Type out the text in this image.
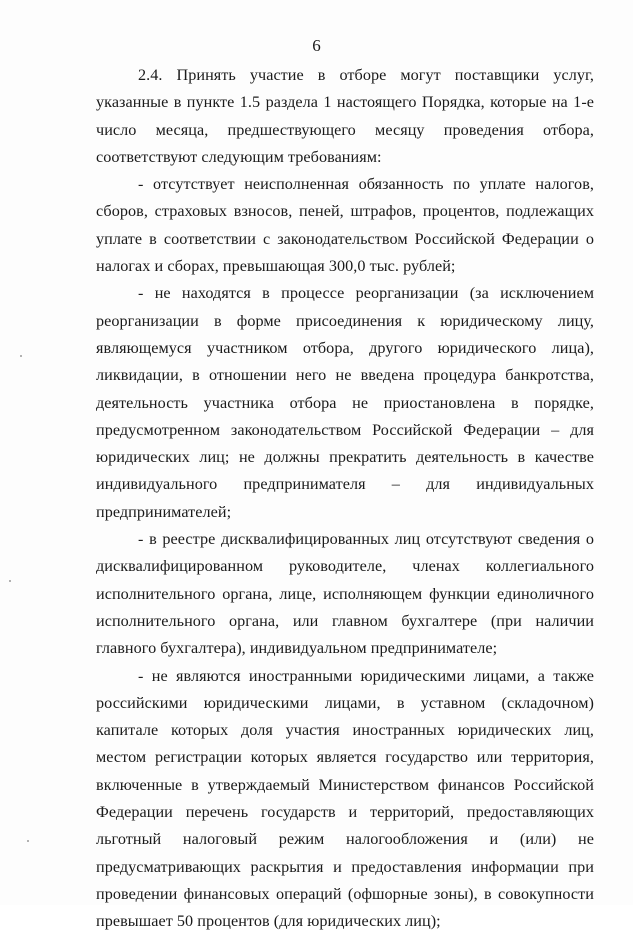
6

2.4. Принять участие в отборе могут поставщики услуг, указанные в пункте 1.5 раздела 1 настоящего Порядка, которые на 1-е число месяца, предшествующего месяцу проведения отбора, соответствуют следующим требованиям:

- отсутствует неисполненная обязанность по уплате налогов, сборов, страховых взносов, пеней, штрафов, процентов, подлежащих уплате в соответствии с законодательством Российской Федерации о налогах и сборах, превышающая 300,0 тыс. рублей;

- не находятся в процессе реорганизации (за исключением реорганизации в форме присоединения к юридическому лицу, являющемуся участником отбора, другого юридического лица), ликвидации, в отношении него не введена процедура банкротства, деятельность участника отбора не приостановлена в порядке, предусмотренном законодательством Российской Федерации – для юридических лиц; не должны прекратить деятельность в качестве индивидуального предпринимателя – для индивидуальных предпринимателей;

- в реестре дисквалифицированных лиц отсутствуют сведения о дисквалифицированном руководителе, членах коллегиального исполнительного органа, лице, исполняющем функции единоличного исполнительного органа, или главном бухгалтере (при наличии главного бухгалтера), индивидуальном предпринимателе;

- не являются иностранными юридическими лицами, а также российскими юридическими лицами, в уставном (складочном) капитале которых доля участия иностранных юридических лиц, местом регистрации которых является государство или территория, включенные в утверждаемый Министерством финансов Российской Федерации перечень государств и территорий, предоставляющих льготный налоговый режим налогообложения и (или) не предусматривающих раскрытия и предоставления информации при проведении финансовых операций (офшорные зоны), в совокупности превышает 50 процентов (для юридических лиц);
